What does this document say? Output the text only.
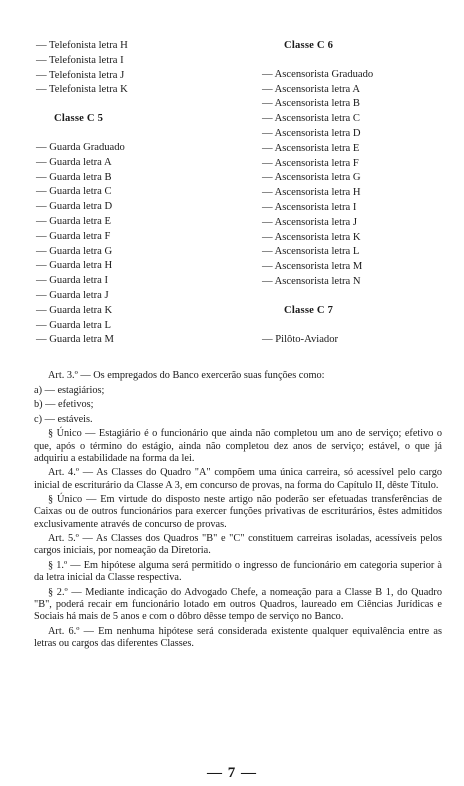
— Telefonista letra H
— Telefonista letra I
— Telefonista letra J
— Telefonista letra K
Classe C 5
— Guarda Graduado
— Guarda letra A
— Guarda letra B
— Guarda letra C
— Guarda letra D
— Guarda letra E
— Guarda letra F
— Guarda letra G
— Guarda letra H
— Guarda letra I
— Guarda letra J
— Guarda letra K
— Guarda letra L
— Guarda letra M
Classe C 6
— Ascensorista Graduado
— Ascensorista letra A
— Ascensorista letra B
— Ascensorista letra C
— Ascensorista letra D
— Ascensorista letra E
— Ascensorista letra F
— Ascensorista letra G
— Ascensorista letra H
— Ascensorista letra I
— Ascensorista letra J
— Ascensorista letra K
— Ascensorista letra L
— Ascensorista letra M
— Ascensorista letra N
Classe C 7
— Pilôto-Aviador

Art. 3.º — Os empregados do Banco exercerão suas funções como:

a) — estagiários;

b) — efetivos;

c) — estáveis.

§ Único — Estagiário é o funcionário que ainda não completou um ano de serviço; efetivo o que, após o término do estágio, ainda não completou dez anos de serviço; estável, o que já adquiriu a estabilidade na forma da lei.

Art. 4.º — As Classes do Quadro "A" compõem uma única carreira, só acessível pelo cargo inicial de escriturário da Classe A 3, em concurso de provas, na forma do Capítulo II, dêste Título.

§ Único — Em virtude do disposto neste artigo não poderão ser efetuadas transferências de Caixas ou de outros funcionários para exercer funções privativas de escriturários, êstes admitidos exclusivamente através de concurso de provas.

Art. 5.º — As Classes dos Quadros "B" e "C" constituem carreiras isoladas, acessíveis pelos cargos iniciais, por nomeação da Diretoria.

§ 1.º — Em hipótese alguma será permitido o ingresso de funcionário em categoria superior à da letra inicial da Classe respectiva.

§ 2.º — Mediante indicação do Advogado Chefe, a nomeação para a Classe B 1, do Quadro "B", poderá recair em funcionário lotado em outros Quadros, laureado em Ciências Jurídicas e Sociais há mais de 5 anos e com o dôbro dêsse tempo de serviço no Banco.

Art. 6.º — Em nenhuma hipótese será considerada existente qualquer equivalência entre as letras ou cargos das diferentes Classes.

— 7 —
